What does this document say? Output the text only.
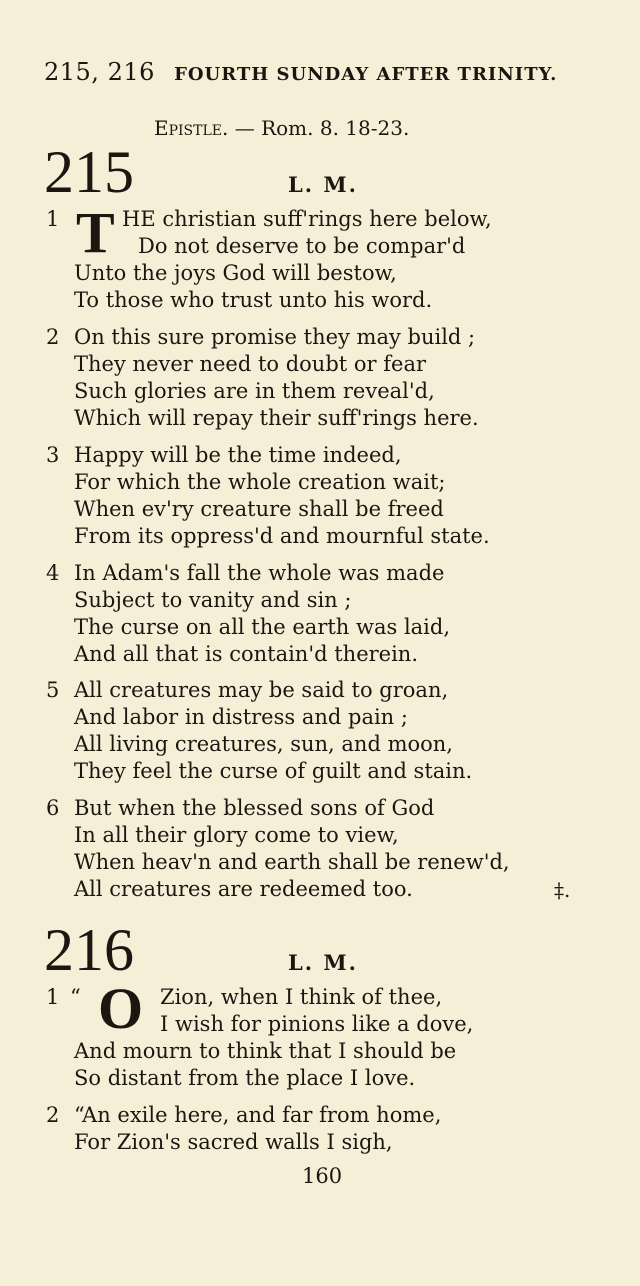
215, 216 FOURTH SUNDAY AFTER TRINITY.
Epistle. — Rom. 8. 18-23.
215	L. M.
1 T HE christian suff'rings here below,
Do not deserve to be compar'd
Unto the joys God will bestow,
To those who trust unto his word.
2 On this sure promise they may build ;
They never need to doubt or fear
Such glories are in them reveal'd,
Which will repay their suff'rings here.
3 Happy will be the time indeed,
For which the whole creation wait;
When ev'ry creature shall be freed
From its oppress'd and mournful state.
4 In Adam's fall the whole was made
Subject to vanity and sin ;
The curse on all the earth was laid,
And all that is contain'd therein.
5 All creatures may be said to groan,
And labor in distress and pain ;
All living creatures, sun, and moon,
They feel the curse of guilt and stain.
6 But when the blessed sons of God
In all their glory come to view,
When heav'n and earth shall be renew'd,
All creatures are redeemed too.	‡.
216	L. M.
1 “ O Zion, when I think of thee,
I wish for pinions like a dove,
And mourn to think that I should be
So distant from the place I love.
2 “An exile here, and far from home,
For Zion's sacred walls I sigh,
160
